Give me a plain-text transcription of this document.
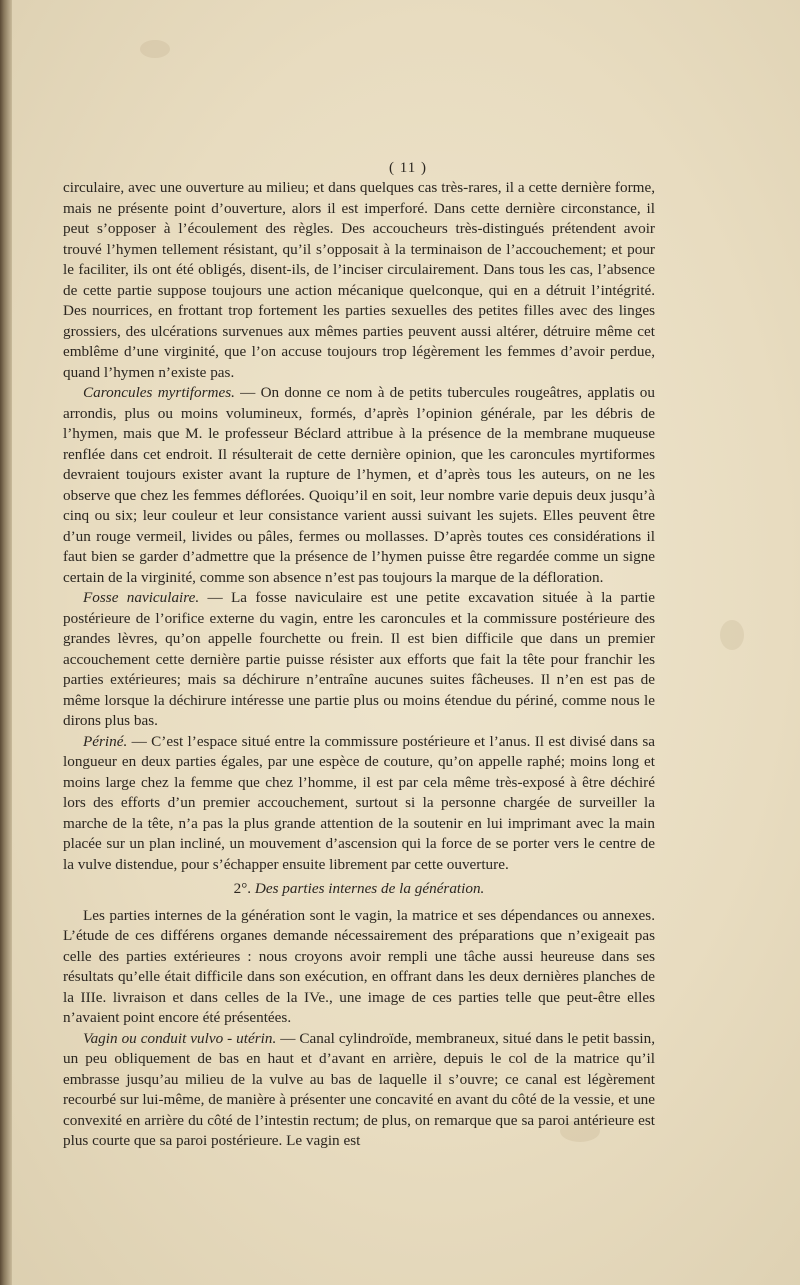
( 11 )

circulaire, avec une ouverture au milieu; et dans quelques cas très-rares, il a cette dernière forme, mais ne présente point d’ouverture, alors il est imperforé. Dans cette dernière circonstance, il peut s’opposer à l’écoulement des règles. Des accoucheurs très-distingués prétendent avoir trouvé l’hymen tellement résistant, qu’il s’opposait à la terminaison de l’accouchement; et pour le faciliter, ils ont été obligés, disent-ils, de l’inciser circulairement. Dans tous les cas, l’absence de cette partie suppose toujours une action mécanique quelconque, qui en a détruit l’intégrité. Des nourrices, en frottant trop fortement les parties sexuelles des petites filles avec des linges grossiers, des ulcérations survenues aux mêmes parties peuvent aussi altérer, détruire même cet emblême d’une virginité, que l’on accuse toujours trop légèrement les femmes d’avoir perdue, quand l’hymen n’existe pas.

Caroncules myrtiformes. — On donne ce nom à de petits tubercules rougeâtres, applatis ou arrondis, plus ou moins volumineux, formés, d’après l’opinion générale, par les débris de l’hymen, mais que M. le professeur Béclard attribue à la présence de la membrane muqueuse renflée dans cet endroit. Il résulterait de cette dernière opinion, que les caroncules myrtiformes devraient toujours exister avant la rupture de l’hymen, et d’après tous les auteurs, on ne les observe que chez les femmes déflorées. Quoiqu’il en soit, leur nombre varie depuis deux jusqu’à cinq ou six; leur couleur et leur consistance varient aussi suivant les sujets. Elles peuvent être d’un rouge vermeil, livides ou pâles, fermes ou mollasses. D’après toutes ces considérations il faut bien se garder d’admettre que la présence de l’hymen puisse être regardée comme un signe certain de la virginité, comme son absence n’est pas toujours la marque de la défloration.

Fosse naviculaire. — La fosse naviculaire est une petite excavation située à la partie postérieure de l’orifice externe du vagin, entre les caroncules et la commissure postérieure des grandes lèvres, qu’on appelle fourchette ou frein. Il est bien difficile que dans un premier accouchement cette dernière partie puisse résister aux efforts que fait la tête pour franchir les parties extérieures; mais sa déchirure n’entraîne aucunes suites fâcheuses. Il n’en est pas de même lorsque la déchirure intéresse une partie plus ou moins étendue du périné, comme nous le dirons plus bas.

Périné. — C’est l’espace situé entre la commissure postérieure et l’anus. Il est divisé dans sa longueur en deux parties égales, par une espèce de couture, qu’on appelle raphé; moins long et moins large chez la femme que chez l’homme, il est par cela même très-exposé à être déchiré lors des efforts d’un premier accouchement, surtout si la personne chargée de surveiller la marche de la tête, n’a pas la plus grande attention de la soutenir en lui imprimant avec la main placée sur un plan incliné, un mouvement d’ascension qui la force de se porter vers le centre de la vulve distendue, pour s’échapper ensuite librement par cette ouverture.

2°. Des parties internes de la génération.

Les parties internes de la génération sont le vagin, la matrice et ses dépendances ou annexes. L’étude de ces différens organes demande nécessairement des préparations que n’exigeait pas celle des parties extérieures : nous croyons avoir rempli une tâche aussi heureuse dans ses résultats qu’elle était difficile dans son exécution, en offrant dans les deux dernières planches de la IIIe. livraison et dans celles de la IVe., une image de ces parties telle que peut-être elles n’avaient point encore été présentées.

Vagin ou conduit vulvo - utérin. — Canal cylindroïde, membraneux, situé dans le petit bassin, un peu obliquement de bas en haut et d’avant en arrière, depuis le col de la matrice qu’il embrasse jusqu’au milieu de la vulve au bas de laquelle il s’ouvre; ce canal est légèrement recourbé sur lui-même, de manière à présenter une concavité en avant du côté de la vessie, et une convexité en arrière du côté de l’intestin rectum; de plus, on remarque que sa paroi antérieure est plus courte que sa paroi postérieure. Le vagin est
